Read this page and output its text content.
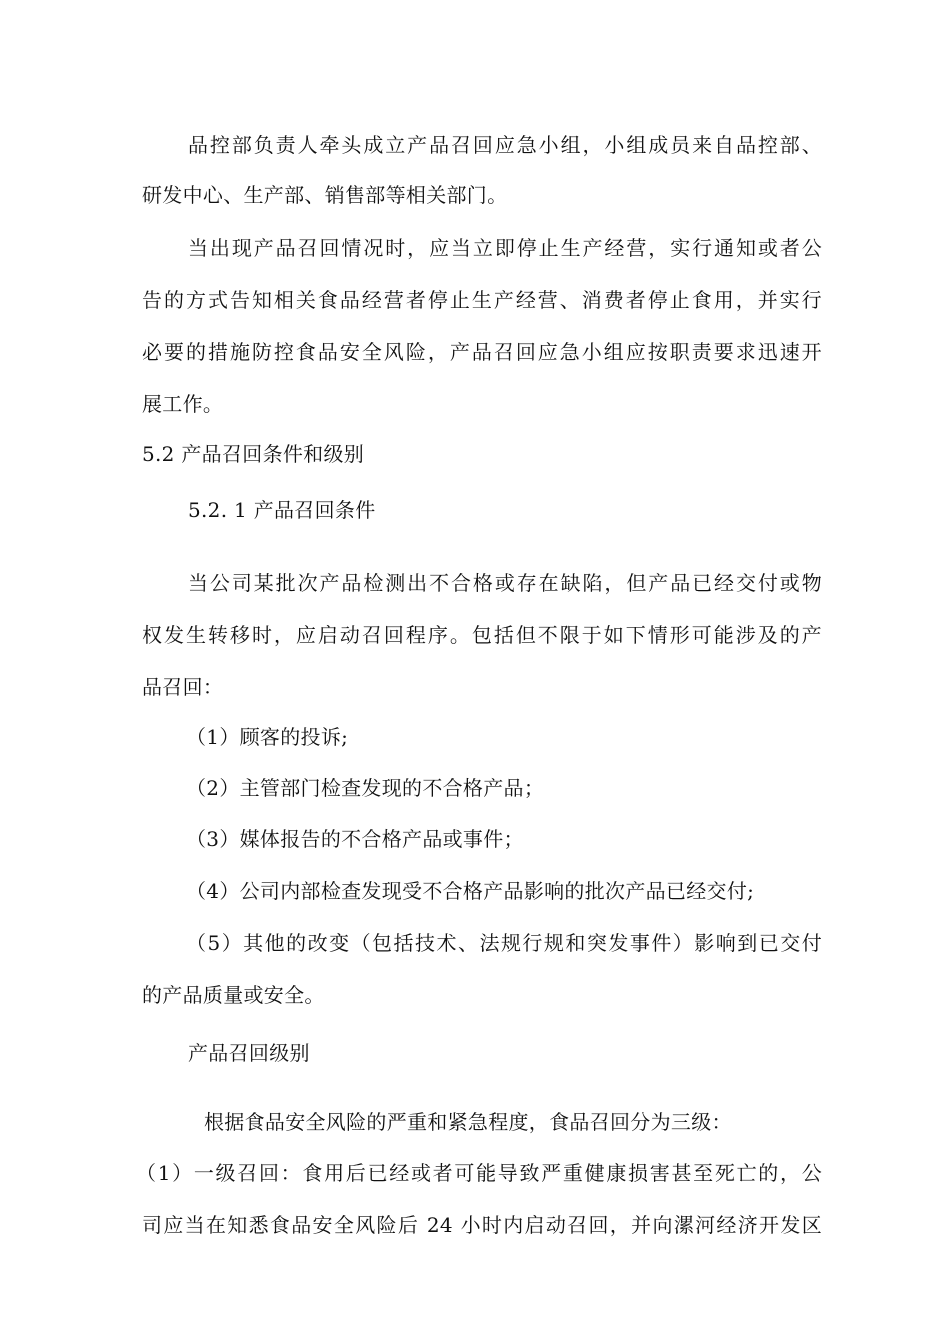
品控部负责人牵头成立产品召回应急小组，小组成员来自品控部、
研发中心、生产部、销售部等相关部门。
当出现产品召回情况时，应当立即停止生产经营，实行通知或者公
告的方式告知相关食品经营者停止生产经营、消费者停止食用，并实行
必要的措施防控食品安全风险，产品召回应急小组应按职责要求迅速开
展工作。
5.2 产品召回条件和级别
5.2. 1 产品召回条件
当公司某批次产品检测出不合格或存在缺陷，但产品已经交付或物
权发生转移时，应启动召回程序。包括但不限于如下情形可能涉及的产
品召回：
（1）顾客的投诉;
（2）主管部门检查发现的不合格产品；
（3）媒体报告的不合格产品或事件；
（4）公司内部检查发现受不合格产品影响的批次产品已经交付;
（5）其他的改变（包括技术、法规行规和突发事件）影响到已交付
的产品质量或安全。
产品召回级别
根据食品安全风险的严重和紧急程度，食品召回分为三级：
（1）一级召回：食用后已经或者可能导致严重健康损害甚至死亡的，公
司应当在知悉食品安全风险后 24 小时内启动召回，并向漯河经济开发区
